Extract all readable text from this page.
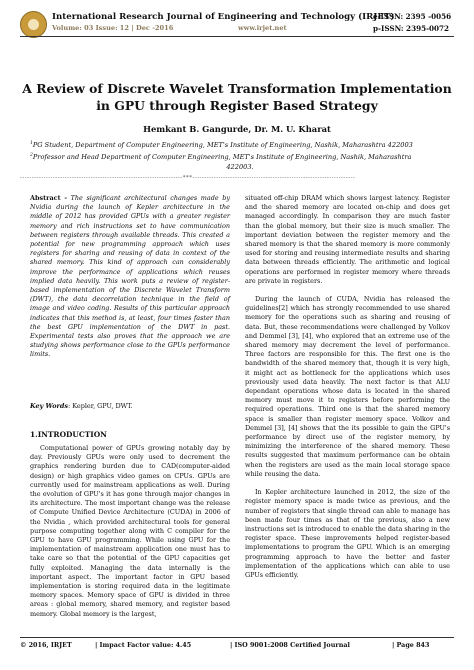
International Research Journal of Engineering and Technology (IRJET)
e-ISSN: 2395 -0056
Volume: 03 Issue: 12 | Dec -2016	www.irjet.net	p-ISSN: 2395-0072
A Review of Discrete Wavelet Transformation Implementation in GPU through Register Based Strategy
Hemkant B. Gangurde, Dr. M. U. Kharat
$^1$PG Student, Department of Computer Engineering, MET's Institute of Engineering, Nashik, Maharashtra 422003
$^2$Professor and Head Department of Computer Engineering, MET's Institute of Engineering, Nashik, Maharashtra
422003.
---------------------------------------------------------------------***---------------------------------------------------------------------

Abstract - The significant architectural changes made by Nvidia during the launch of Kepler architecture in the middle of 2012 has provided GPUs with a greater register memory and rich instructions set to have communication between registers through available threads. This created a potential for new programming approach which uses registers for sharing and reusing of data in context of the shared memory. This kind of approach can considerably improve the performance of applications which reuses implied data heavily. This work puts a review of register-based implementation of the Discrete Wavelet Transform (DWT), the data decorrelation technique in the field of image and video coding. Results of this particular approach indicates that this method is, at least, four times faster than the best GPU implementation of the DWT in past. Experimental tests also proves that the approach we are studying shows performance close to the GPUs performance limits.

Key Words: Kepler, GPU, DWT.
1.INTRODUCTION

Computational power of GPUs growing notably day by day. Previously GPUs were only used to decrement the graphics rendering burden due to CAD(computer-aided design) or high graphics video games on CPUs. GPUs are currently used for mainstream applications as well. During the evolution of GPU's it has gone through major changes in its architecture. The most important change was the release of Compute Unified Device Architecture (CUDA) in 2006 of the Nvidia , which provided architectural tools for general purpose computing together along with C compiler for the GPU to have GPU programming. While using GPU for the implementation of mainstream application one must has to take care so that the potential of the GPU capacities get fully exploited. Managing the data internally is the important aspect. The important factor in GPU based implementation is storing required data in the legitimate memory spaces. Memory space of GPU is divided in three areas : global memory, shared memory, and register based memory. Global memory is the largest,

situated off-chip DRAM which shows largest latency. Register and the shared memory are located on-chip and does get managed accordingly. In comparison they are much faster than the global memory, but their size is much smaller. The important deviation between the register memory and the shared memory is that the shared memory is more commonly used for storing and reusing intermediate results and sharing data between threads efficiently. The arithmetic and logical operations are performed in register memory where threads are private in registers.

During the launch of CUDA, Nvidia has released the guidelines[2] which has strongly recommended to use shared memory for the operations such as sharing and reusing of data. But, these recommendations were challenged by Volkov and Demmel [3], [4], who explored that an extreme use of the shared memory may decrement the level of performance. Three factors are responsible for this. The first one is the bandwidth of the shared memory that, though it is very high, it might act as bottleneck for the applications which uses previously used data heavily. The next factor is that ALU dependant operations whose data is located in the shared memory must move it to registers before performing the required operations. Third one is that the shared memory space is smaller than register memory space. Volkov and Demmel [3], [4] shows that the its possible to gain the GPU's performance by direct use of the register memory, by minimizing the interference of the shared memory. These results suggested that maximum performance can be obtain when the registers are used as the main local storage space while reusing the data.

In Kepler architecture launched in 2012, the size of the register memory space is made twice as previous, and the number of registers that single thread can able to manage has been made four times as that of the previous, also a new instructions set is introduced to enable the data sharing in the register space. These improvements helped register-based implementations to program the GPU. Which is an emerging programming approach to have the better and faster implementation of the applications which can able to use GPUs efficiently.

© 2016, IRJET	| Impact Factor value: 4.45	| ISO 9001:2008 Certified Journal	| Page 843
